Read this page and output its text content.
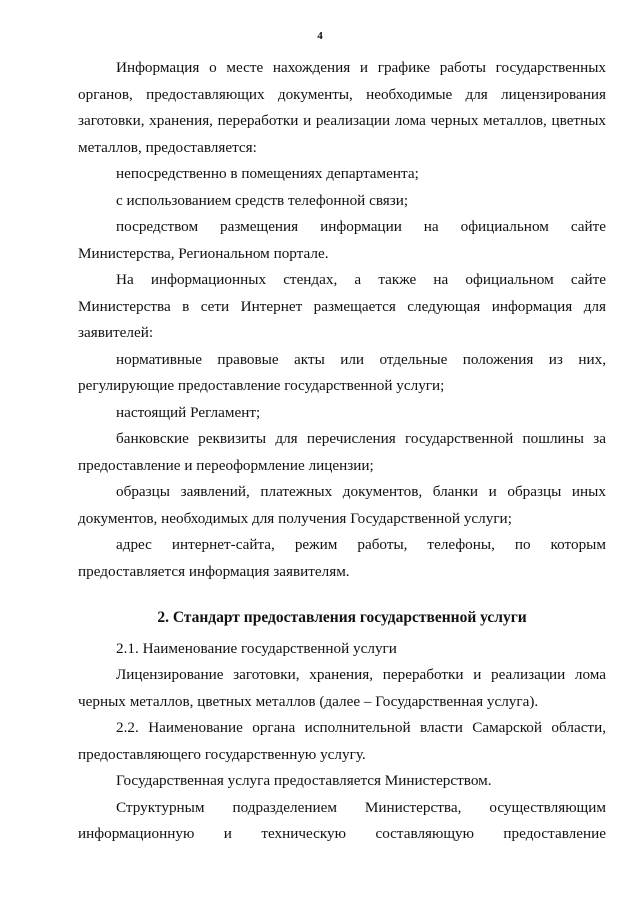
4

Информация о месте нахождения и графике работы государственных органов, предоставляющих документы, необходимые для лицензирования заготовки, хранения, переработки и реализации лома черных металлов, цветных металлов, предоставляется:

непосредственно в помещениях департамента;

с использованием средств телефонной связи;

посредством размещения информации на официальном сайте Министерства, Региональном портале.

На информационных стендах, а также на официальном сайте Министерства в сети Интернет размещается следующая информация для заявителей:

нормативные правовые акты или отдельные положения из них, регулирующие предоставление государственной услуги;

настоящий Регламент;

банковские реквизиты для перечисления государственной пошлины за предоставление и переоформление лицензии;

образцы заявлений, платежных документов, бланки и образцы иных документов, необходимых для получения Государственной услуги;

адрес интернет-сайта, режим работы, телефоны, по которым предоставляется информация заявителям.

2. Стандарт предоставления государственной услуги

2.1. Наименование государственной услуги

Лицензирование заготовки, хранения, переработки и реализации лома черных металлов, цветных металлов (далее – Государственная услуга).

2.2. Наименование органа исполнительной власти Самарской области, предоставляющего государственную услугу.

Государственная услуга предоставляется Министерством.

Структурным подразделением Министерства, осуществляющим информационную и техническую составляющую предоставление
